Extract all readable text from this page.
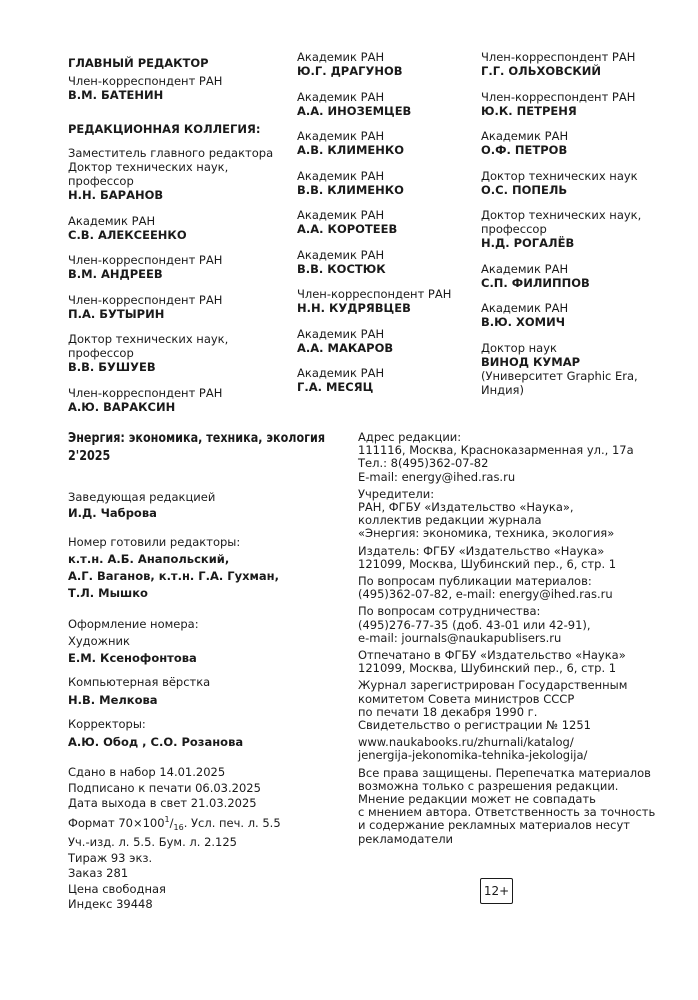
ГЛАВНЫЙ РЕДАКТОР
Член-корреспондент РАН
В.М. БАТЕНИН
РЕДАКЦИОННАЯ КОЛЛЕГИЯ:
Заместитель главного редактора
Доктор технических наук,
профессор
Н.Н. БАРАНОВ
Академик РАН
С.В. АЛЕКСЕЕНКО
Член-корреспондент РАН
В.М. АНДРЕЕВ
Член-корреспондент РАН
П.А. БУТЫРИН
Доктор технических наук,
профессор
В.В. БУШУЕВ
Член-корреспондент РАН
А.Ю. ВАРАКСИН
Академик РАН
Ю.Г. ДРАГУНОВ
Академик РАН
А.А. ИНОЗЕМЦЕВ
Академик РАН
А.В. КЛИМЕНКО
Академик РАН
В.В. КЛИМЕНКО
Академик РАН
А.А. КОРОТЕЕВ
Академик РАН
В.В. КОСТЮК
Член-корреспондент РАН
Н.Н. КУДРЯВЦЕВ
Академик РАН
А.А. МАКАРОВ
Академик РАН
Г.А. МЕСЯЦ
Член-корреспондент РАН
Г.Г. ОЛЬХОВСКИЙ
Член-корреспондент РАН
Ю.К. ПЕТРЕНЯ
Академик РАН
О.Ф. ПЕТРОВ
Доктор технических наук
О.С. ПОПЕЛЬ
Доктор технических наук,
профессор
Н.Д. РОГАЛЁВ
Академик РАН
С.П. ФИЛИППОВ
Академик РАН
В.Ю. ХОМИЧ
Доктор наук
ВИНОД КУМАР
(Университет Graphic Era,
Индия)
Энергия: экономика, техника, экология
2'2025
Заведующая редакцией
И.Д. Чаброва
Номер готовили редакторы:
к.т.н. А.Б. Анапольский,
А.Г. Ваганов, к.т.н. Г.А. Гухман,
Т.Л. Мышко
Оформление номера:
Художник
Е.М. Ксенофонтова
Компьютерная вёрстка
Н.В. Мелкова
Корректоры:
А.Ю. Обод , С.О. Розанова
Сдано в набор 14.01.2025
Подписано к печати 06.03.2025
Дата выхода в свет 21.03.2025
Формат $70\times 100^1/_{16}$. Усл. печ. л. 5.5
Уч.-изд. л. 5.5. Бум. л. 2.125
Тираж 93 экз.
Заказ 281
Цена свободная
Индекс 39448
Адрес редакции:
111116, Москва, Красноказарменная ул., 17а
Тел.: 8(495)362-07-82
E-mail: energy@ihed.ras.ru
Учредители:
РАН, ФГБУ «Издательство «Наука»,
коллектив редакции журнала
«Энергия: экономика, техника, экология»
Издатель: ФГБУ «Издательство «Наука»
121099, Москва, Шубинский пер., 6, стр. 1
По вопросам публикации материалов:
(495)362-07-82, e-mail: energy@ihed.ras.ru
По вопросам сотрудничества:
(495)276-77-35 (доб. 43-01 или 42-91),
e-mail: journals@naukapublisers.ru
Отпечатано в ФГБУ «Издательство «Наука»
121099, Москва, Шубинский пер., 6, стр. 1
Журнал зарегистрирован Государственным
комитетом Совета министров СССР
по печати 18 декабря 1990 г.
Свидетельство о регистрации № 1251
www.naukabooks.ru/zhurnali/katalog/
jenergija-jekonomika-tehnika-jekologija/
Все права защищены. Перепечатка материалов
возможна только с разрешения редакции.
Мнение редакции может не совпадать
с мнением автора. Ответственность за точность
и содержание рекламных материалов несут
рекламодатели
12+
